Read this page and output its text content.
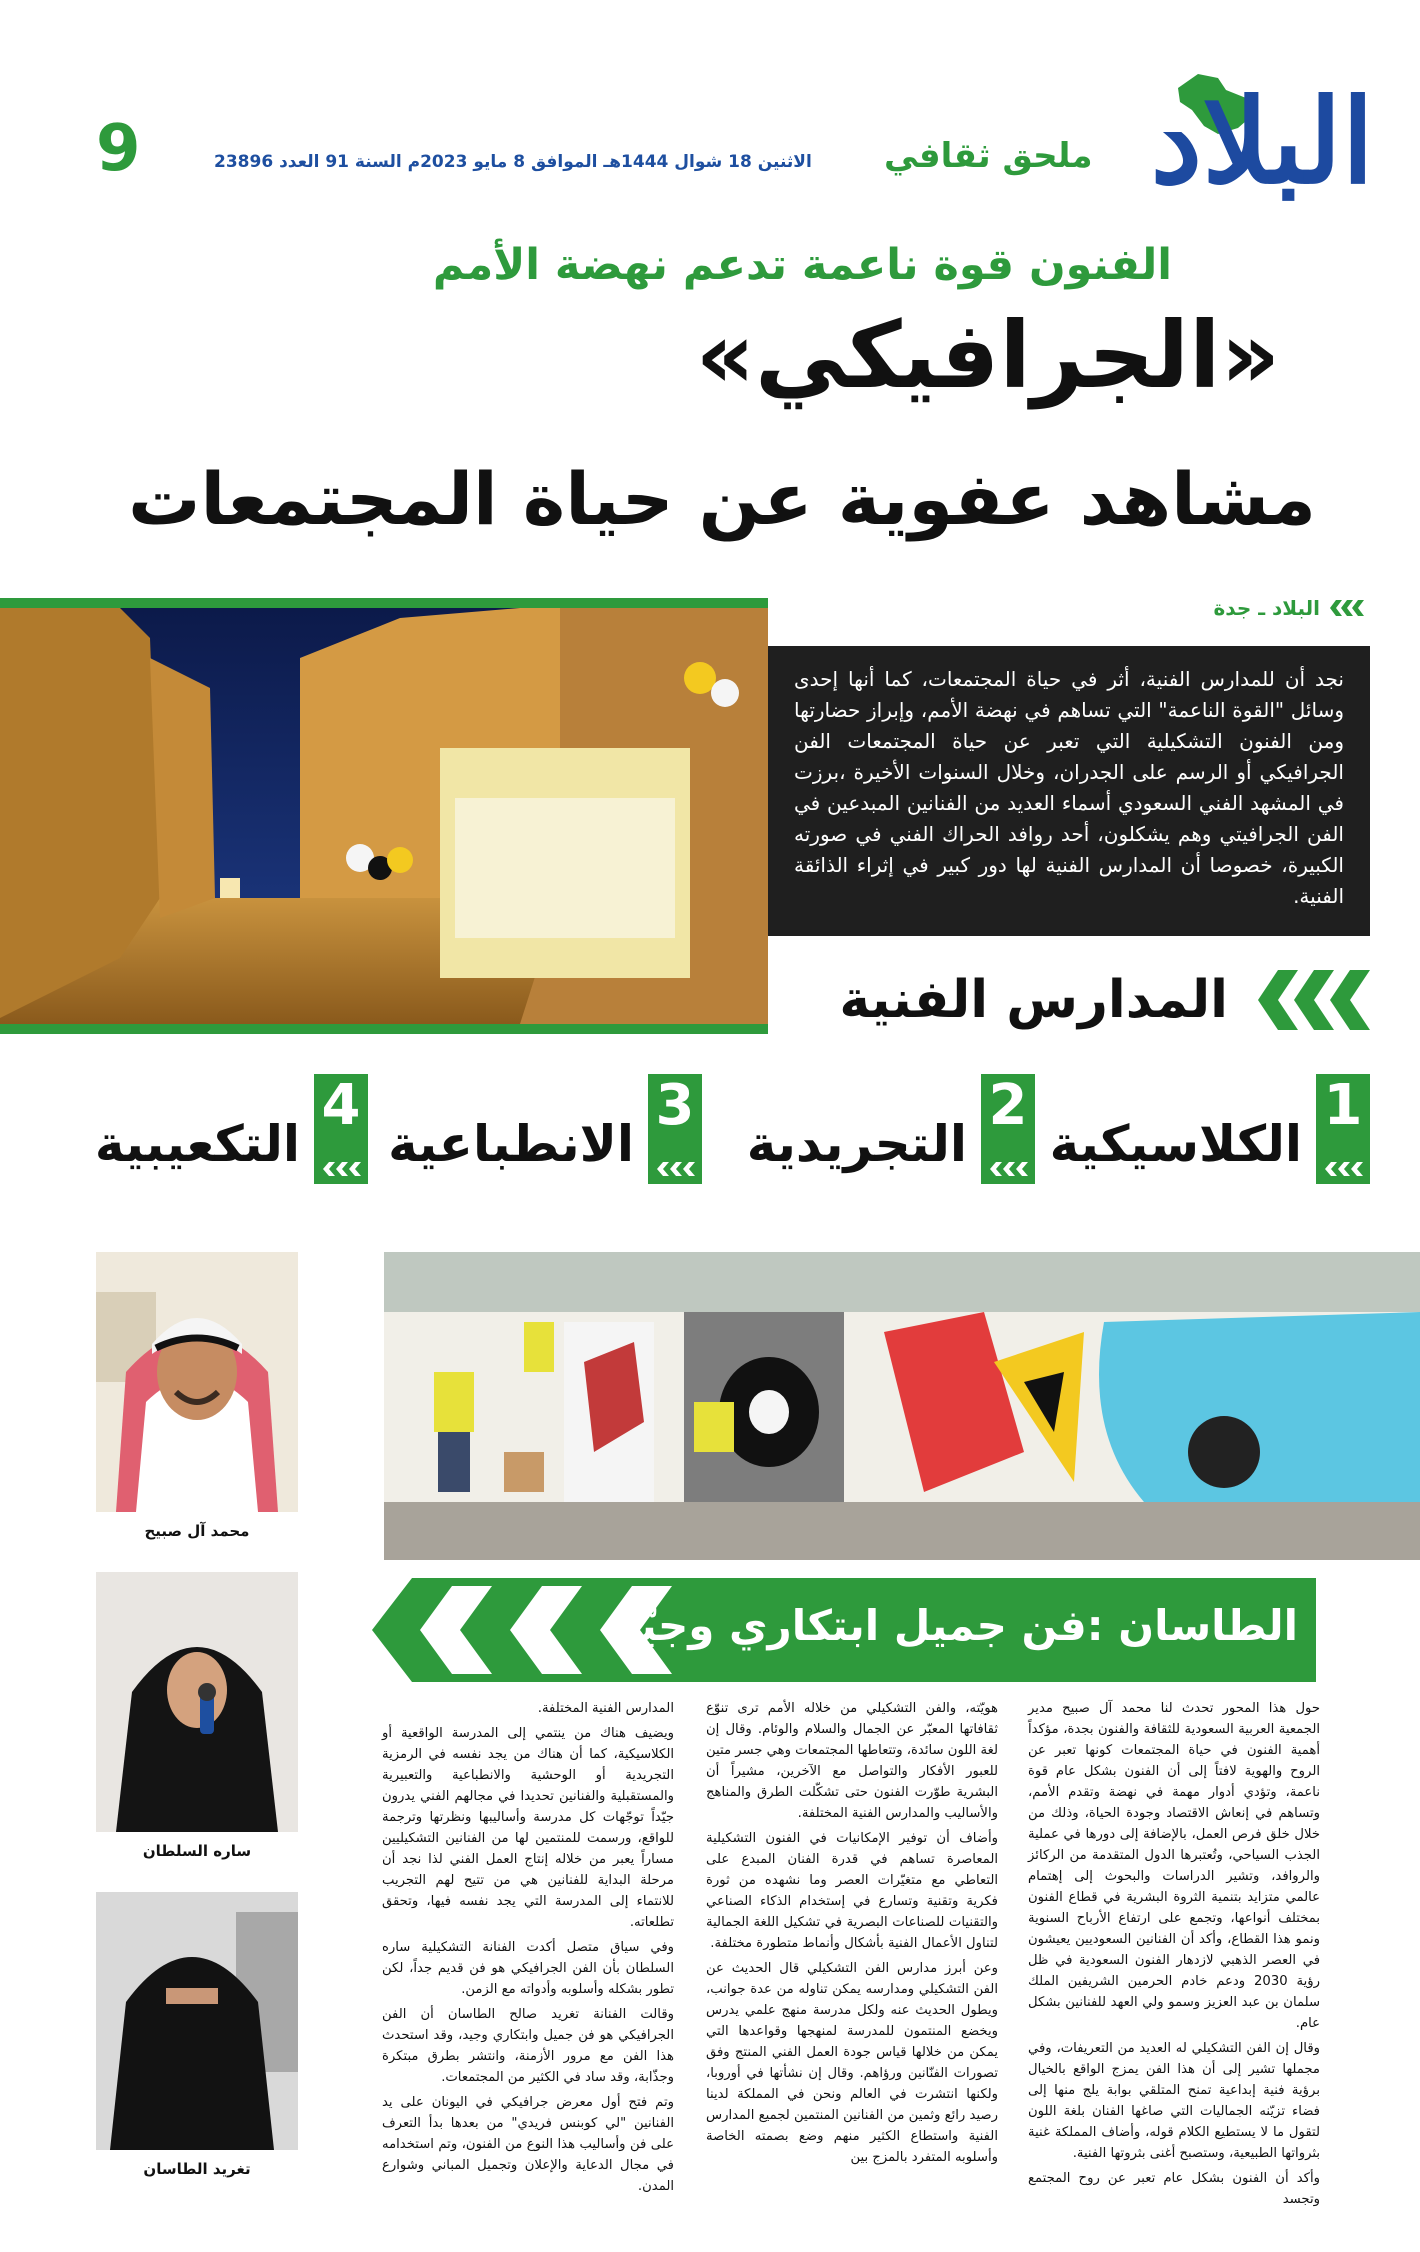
9	الاثنين 18 شوال 1444هـ الموافق 8 مايو 2023م السنة 91 العدد 23896 ملحق ثقافي البلاد
الفنون قوة ناعمة تدعم نهضة الأمم
«الجرافيكي»
مشاهد عفوية عن حياة المجتمعات
البلاد ـ جدة
نجد أن للمدارس الفنية، أثر في حياة المجتمعات، كما أنها إحدى وسائل "القوة الناعمة" التي تساهم في نهضة الأمم، وإبراز حضارتها ومن الفنون التشكيلية التي تعبر عن حياة المجتمعات الفن الجرافيكي أو الرسم على الجدران، وخلال السنوات الأخيرة ،برزت في المشهد الفني السعودي أسماء العديد من الفنانين المبدعين في الفن الجرافيتي وهم يشكلون، أحد روافد الحراك الفني في صورته الكبيرة، خصوصا أن المدارس الفنية لها دور كبير في إثراء الذائقة الفنية.
المدارس الفنية
1
الكلاسيكية
2
التجريدية
3
الانطباعية
4
التكعيبية
محمد آل صبيح
ساره السلطان
تغريد الطاسان
الطاسان :فن جميل ابتكاري وجيّد

حول هذا المحور تحدث لنا محمد آل صبيح مدير الجمعية العربية السعودية للثقافة والفنون بجدة، مؤكداً أهمية الفنون في حياة المجتمعات كونها تعبر عن الروح والهوية لافتاً إلى أن الفنون بشكل عام قوة ناعمة، وتؤدي أدوار مهمة في نهضة وتقدم الأمم، وتساهم في إنعاش الاقتصاد وجودة الحياة، وذلك من خلال خلق فرص العمل، بالإضافة إلى دورها في عملية الجذب السياحي، وتُعتبرها الدول المتقدمة من الركائز والروافد، وتشير الدراسات والبحوث إلى إهتمام عالمي متزايد بتنمية الثروة البشرية في قطاع الفنون بمختلف أنواعها، وتجمع على ارتفاع الأرباح السنوية ونمو هذا القطاع، وأكد أن الفنانين السعوديين يعيشون في العصر الذهبي لازدهار الفنون السعودية في ظل رؤية 2030 ودعم خادم الحرمين الشريفين الملك سلمان بن عبد العزيز وسمو ولي العهد للفنانين بشكل عام.

وقال إن الفن التشكيلي له العديد من التعريفات، وفي مجملها تشير إلى أن هذا الفن يمزج الواقع بالخيال برؤية فنية إبداعية تمنح المتلقي بوابة يلج منها إلى فضاء تزيّنه الجماليات التي صاغها الفنان بلغة اللون لتقول ما لا يستطيع الكلام قوله، وأضاف المملكة غنية بثرواتها الطبيعية، وستصبح أغنى بثروتها الفنية.

وأكد أن الفنون بشكل عام تعبر عن روح المجتمع وتجسد

هويّته، والفن التشكيلي من خلاله الأمم ترى تنوّع ثقافاتها المعبّر عن الجمال والسلام والوئام. وقال إن لغة اللون سائدة، وتتعاطها المجتمعات وهي جسر متين للعبور الأفكار والتواصل مع الآخرين، مشيراً أن البشرية طوّرت الفنون حتى تشكّلت الطرق والمناهج والأساليب والمدارس الفنية المختلفة.

وأضاف أن توفير الإمكانيات في الفنون التشكيلية المعاصرة تساهم في قدرة الفنان المبدع على التعاطي مع متغيّرات العصر وما نشهده من ثورة فكرية وتقنية وتسارع في إستخدام الذكاء الصناعي والتقنيات للصناعات البصرية في تشكيل اللغة الجمالية لتناول الأعمال الفنية بأشكال وأنماط متطورة مختلفة.

وعن أبرز مدارس الفن التشكيلي قال الحديث عن الفن التشكيلي ومدارسه يمكن تناوله من عدة جوانب، ويطول الحديث عنه ولكل مدرسة منهج علمي يدرس ويخضع المنتمون للمدرسة لمنهجها وقواعدها التي يمكن من خلالها قياس جودة العمل الفني المنتج وفق تصورات الفنّانين ورؤاهم. وقال إن نشأتها في أوروبا، ولكنها انتشرت في العالم ونحن في المملكة لدينا رصيد رائع وثمين من الفنانين المنتمين لجميع المدارس الفنية واستطاع الكثير منهم وضع بصمته الخاصة وأسلوبه المتفرد بالمزج بين

المدارس الفنية المختلفة.

ويضيف هناك من ينتمي إلى المدرسة الواقعية أو الكلاسيكية، كما أن هناك من يجد نفسه في الرمزية التجريدية أو الوحشية والانطباعية والتعبيرية والمستقبلية والفنانين تحديدا في مجالهم الفني يدرون جيّداً توجّهات كل مدرسة وأساليبها ونظرتها وترجمة للواقع، ورسمت للمنتمين لها من الفنانين التشكيليين مساراً يعبر من خلاله إنتاج العمل الفني لذا نجد أن مرحلة البداية للفنانين هي من تتيح لهم التجريب للانتماء إلى المدرسة التي يجد نفسه فيها، وتحقق تطلعاته.

وفي سياق متصل أكدت الفنانة التشكيلية ساره السلطان بأن الفن الجرافيكي هو فن قديم جداً، لكن تطور بشكله وأسلوبه وأدواته مع الزمن.

وقالت الفنانة تغريد صالح الطاسان أن الفن الجرافيكي هو فن جميل وابتكاري وجيد، وقد استحدث هذا الفن مع مرور الأزمنة، وانتشر بطرق مبتكرة وجذّابة، وقد ساد في الكثير من المجتمعات.

وتم فتح أول معرض جرافيكي في اليونان على يد الفنانين "لي كوبنس فريدي" من بعدها بدأ التعرف على فن وأساليب هذا النوع من الفنون، وتم استخدامه في مجال الدعاية والإعلان وتجميل المباني وشوارع المدن.
